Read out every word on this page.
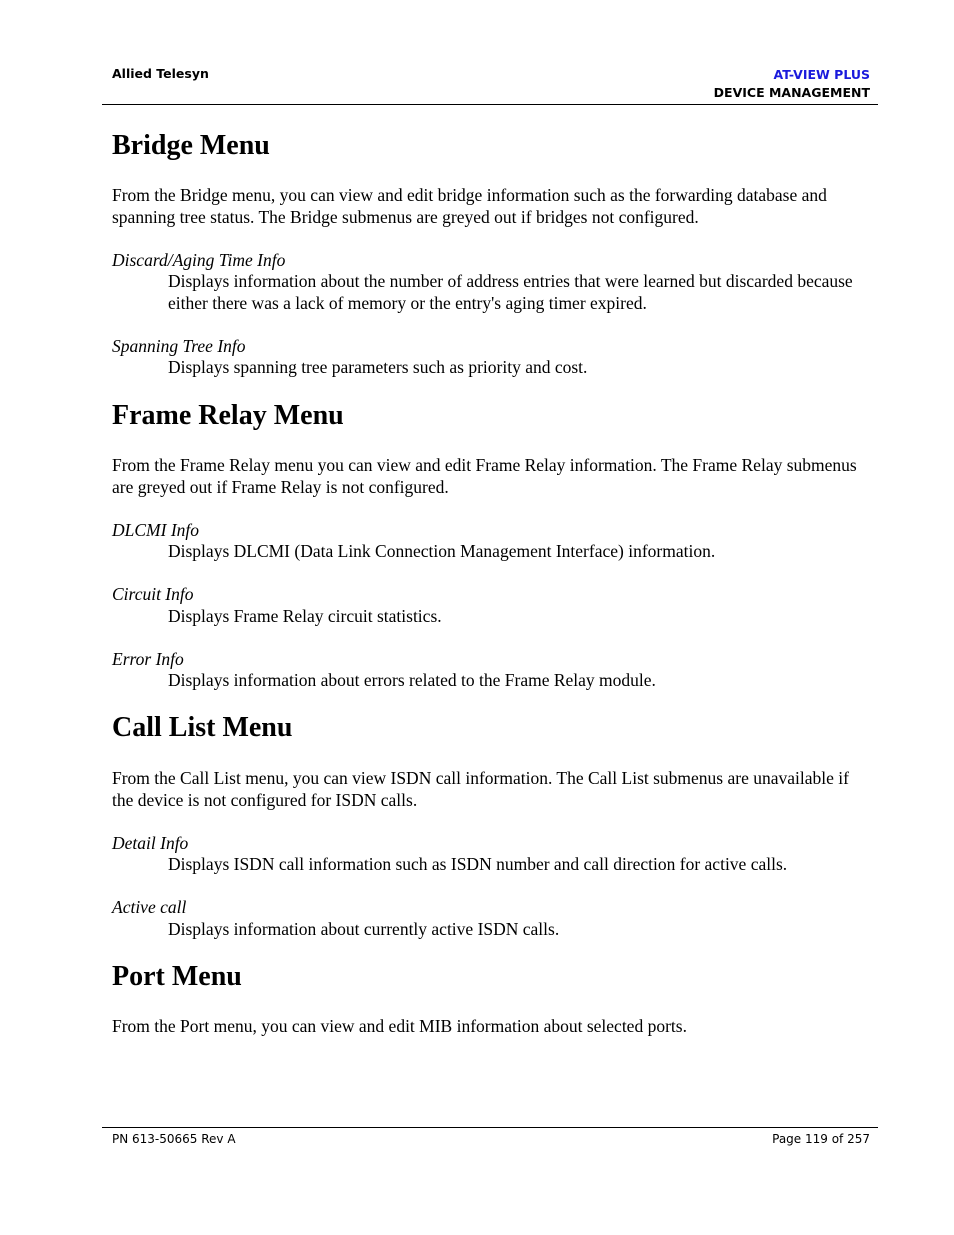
Allied Telesyn	AT-VIEW PLUS
DEVICE MANAGEMENT
Bridge Menu

From the Bridge menu, you can view and edit bridge information such as the forwarding database and spanning tree status. The Bridge submenus are greyed out if bridges not configured.

Discard/Aging Time Info

Displays information about the number of address entries that were learned but discarded because either there was a lack of memory or the entry's aging timer expired.

Spanning Tree Info

Displays spanning tree parameters such as priority and cost.

Frame Relay Menu

From the Frame Relay menu you can view and edit Frame Relay information. The Frame Relay submenus are greyed out if Frame Relay is not configured.

DLCMI Info

Displays DLCMI (Data Link Connection Management Interface) information.

Circuit Info

Displays Frame Relay circuit statistics.

Error Info

Displays information about errors related to the Frame Relay module.

Call List Menu

From the Call List menu, you can view ISDN call information. The Call List submenus are unavailable if the device is not configured for ISDN calls.

Detail Info

Displays ISDN call information such as ISDN number and call direction for active calls.

Active call

Displays information about currently active ISDN calls.

Port Menu

From the Port menu, you can view and edit MIB information about selected ports.

PN 613-50665 Rev A	Page 119 of 257
